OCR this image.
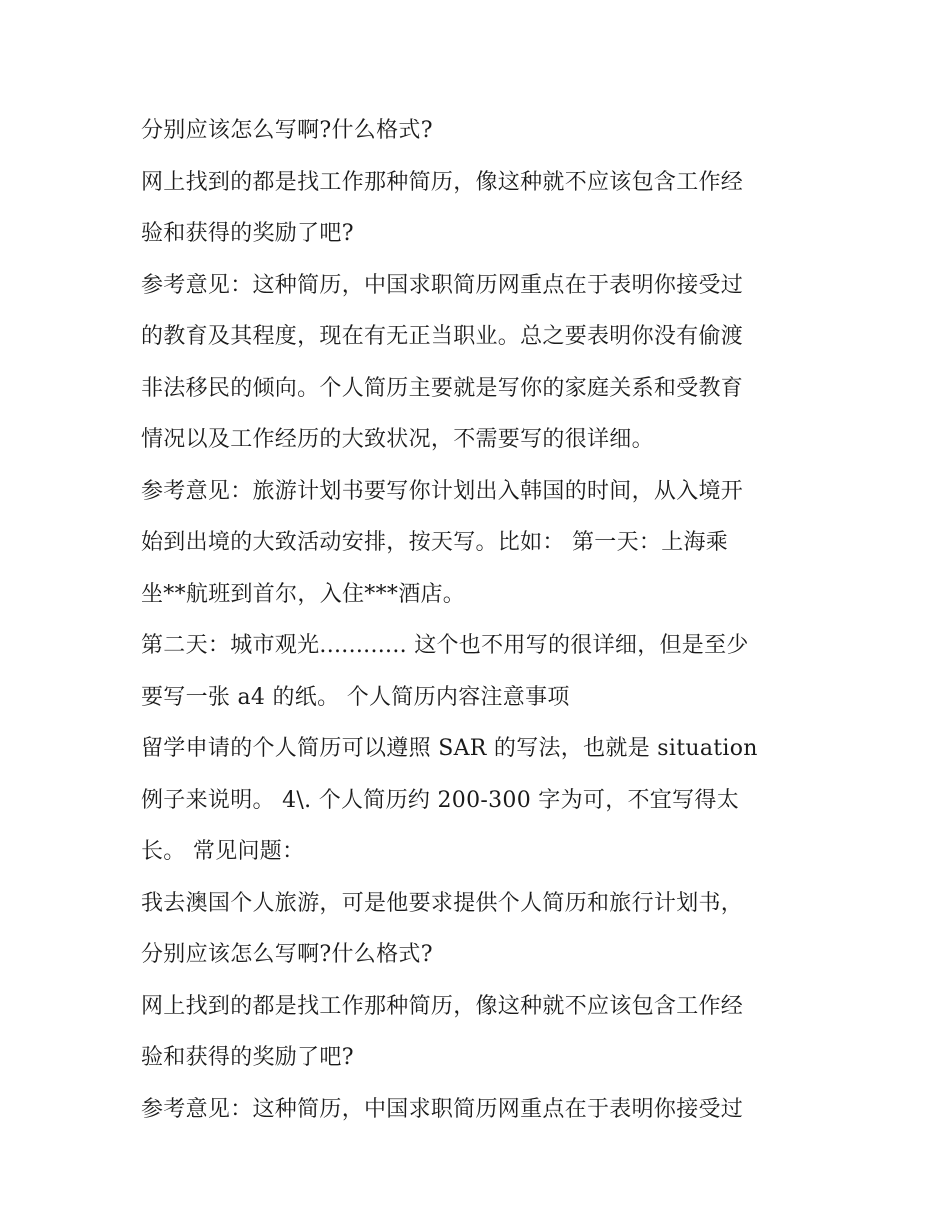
分别应该怎么写啊?什么格式?
网上找到的都是找工作那种简历，像这种就不应该包含工作经
验和获得的奖励了吧?
参考意见：这种简历，中国求职简历网重点在于表明你接受过
的教育及其程度，现在有无正当职业。总之要表明你没有偷渡
非法移民的倾向。个人简历主要就是写你的家庭关系和受教育
情况以及工作经历的大致状况，不需要写的很详细。
参考意见：旅游计划书要写你计划出入韩国的时间，从入境开
始到出境的大致活动安排，按天写。比如： 第一天：上海乘
坐**航班到首尔，入住***酒店。
第二天：城市观光............ 这个也不用写的很详细，但是至少
要写一张 a4 的纸。 个人简历内容注意事项
留学申请的个人简历可以遵照 SAR 的写法，也就是 situation
例子来说明。 4\. 个人简历约 200-300 字为可，不宜写得太
长。 常见问题：
我去澳国个人旅游，可是他要求提供个人简历和旅行计划书，
分别应该怎么写啊?什么格式?
网上找到的都是找工作那种简历，像这种就不应该包含工作经
验和获得的奖励了吧?
参考意见：这种简历，中国求职简历网重点在于表明你接受过
